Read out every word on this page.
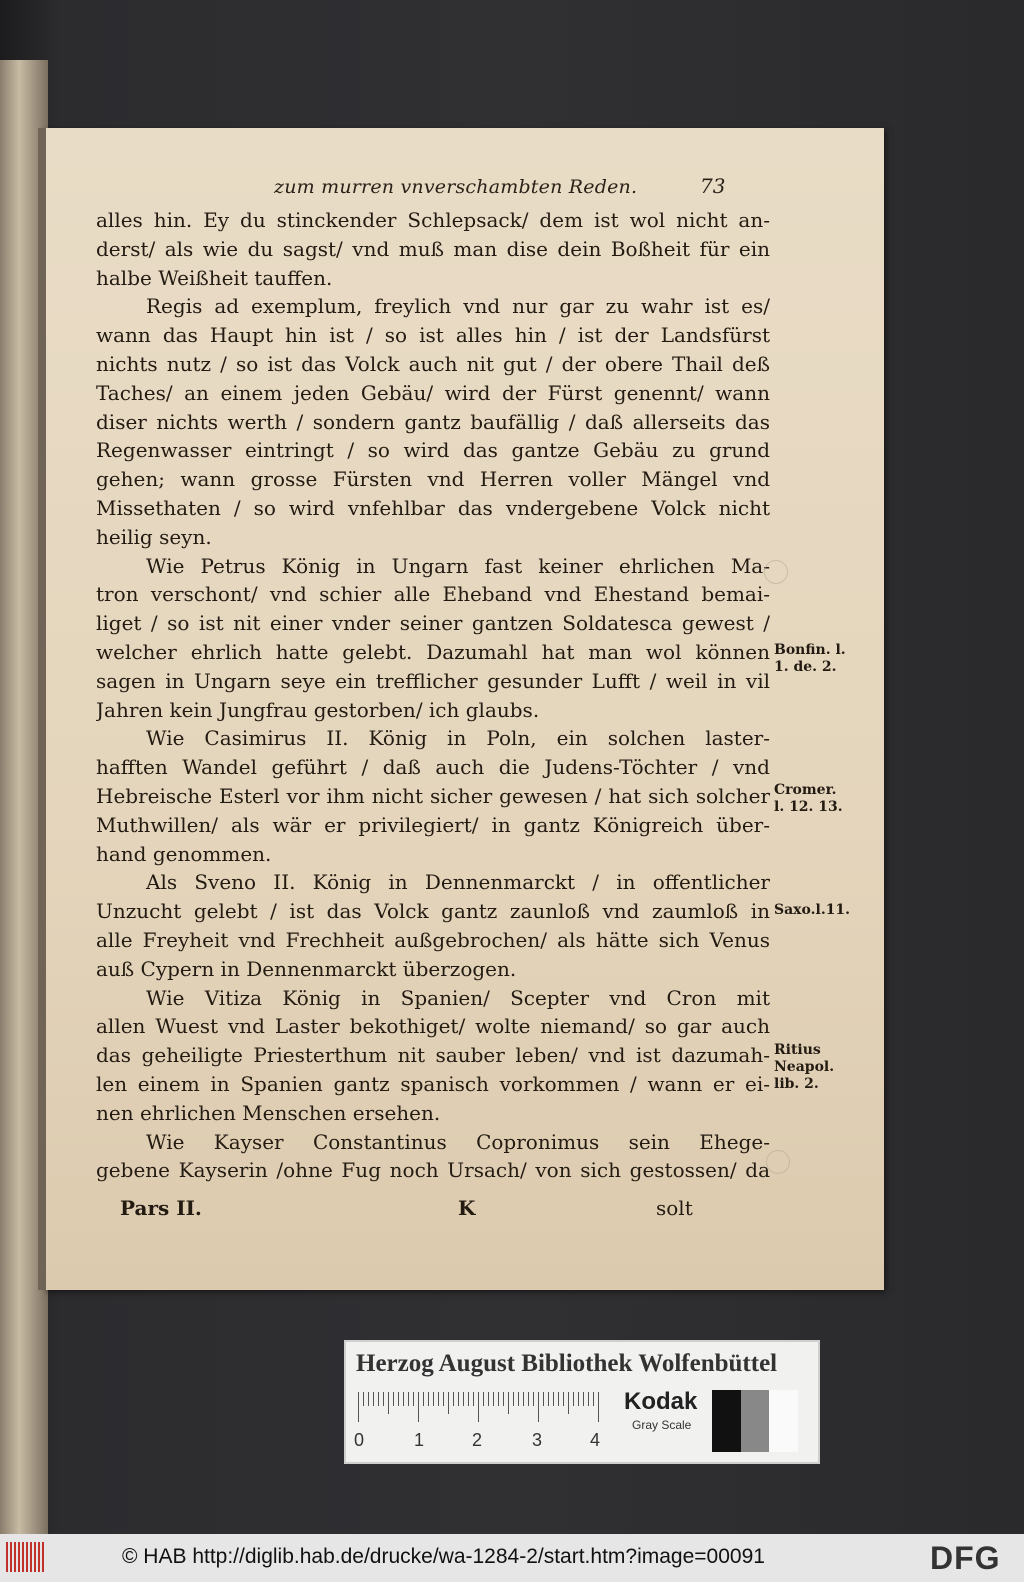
zum murren vnverschambten Reden.	73
alles hin. Ey du stinckender Schlepsack/ dem ist wol nicht an-
derst/ als wie du sagst/ vnd muß man dise dein Boßheit für ein
halbe Weißheit tauffen.
Regis ad exemplum, freylich vnd nur gar zu wahr ist es/
wann das Haupt hin ist / so ist alles hin / ist der Landsfürst
nichts nutz / so ist das Volck auch nit gut / der obere Thail deß
Taches/ an einem jeden Gebäu/ wird der Fürst genennt/ wann
diser nichts werth / sondern gantz baufällig / daß allerseits das
Regenwasser eintringt / so wird das gantze Gebäu zu grund
gehen; wann grosse Fürsten vnd Herren voller Mängel vnd
Missethaten / so wird vnfehlbar das vndergebene Volck nicht
heilig seyn.
Wie Petrus König in Ungarn fast keiner ehrlichen Ma-
tron verschont/ vnd schier alle Eheband vnd Ehestand bemai-
liget / so ist nit einer vnder seiner gantzen Soldatesca gewest /
welcher ehrlich hatte gelebt. Dazumahl hat man wol können
sagen in Ungarn seye ein trefflicher gesunder Lufft / weil in vil
Jahren kein Jungfrau gestorben/ ich glaubs.
Wie Casimirus II. König in Poln, ein solchen laster-
hafften Wandel geführt / daß auch die Judens-Töchter / vnd
Hebreische Esterl vor ihm nicht sicher gewesen / hat sich solcher
Muthwillen/ als wär er privilegiert/ in gantz Königreich über-
hand genommen.
Als Sveno II. König in Dennenmarckt / in offentlicher
Unzucht gelebt / ist das Volck gantz zaunloß vnd zaumloß in
alle Freyheit vnd Frechheit außgebrochen/ als hätte sich Venus
auß Cypern in Dennenmarckt überzogen.
Wie Vitiza König in Spanien/ Scepter vnd Cron mit
allen Wuest vnd Laster bekothiget/ wolte niemand/ so gar auch
das geheiligte Priesterthum nit sauber leben/ vnd ist dazumah-
len einem in Spanien gantz spanisch vorkommen / wann er ei-
nen ehrlichen Menschen ersehen.
Wie Kayser Constantinus Copronimus sein Ehege-
gebene Kayserin /ohne Fug noch Ursach/ von sich gestossen/ da
Bonfin. l.
1. de. 2.
Cromer.
l. 12. 13.
Saxo.l.11.
Ritius
Neapol.
lib. 2.
Pars II.	K	solt
Herzog August Bibliothek Wolfenbüttel
0	1	2	3	4
Kodak
Gray Scale
© HAB http://diglib.hab.de/drucke/wa-1284-2/start.htm?image=00091	DFG
